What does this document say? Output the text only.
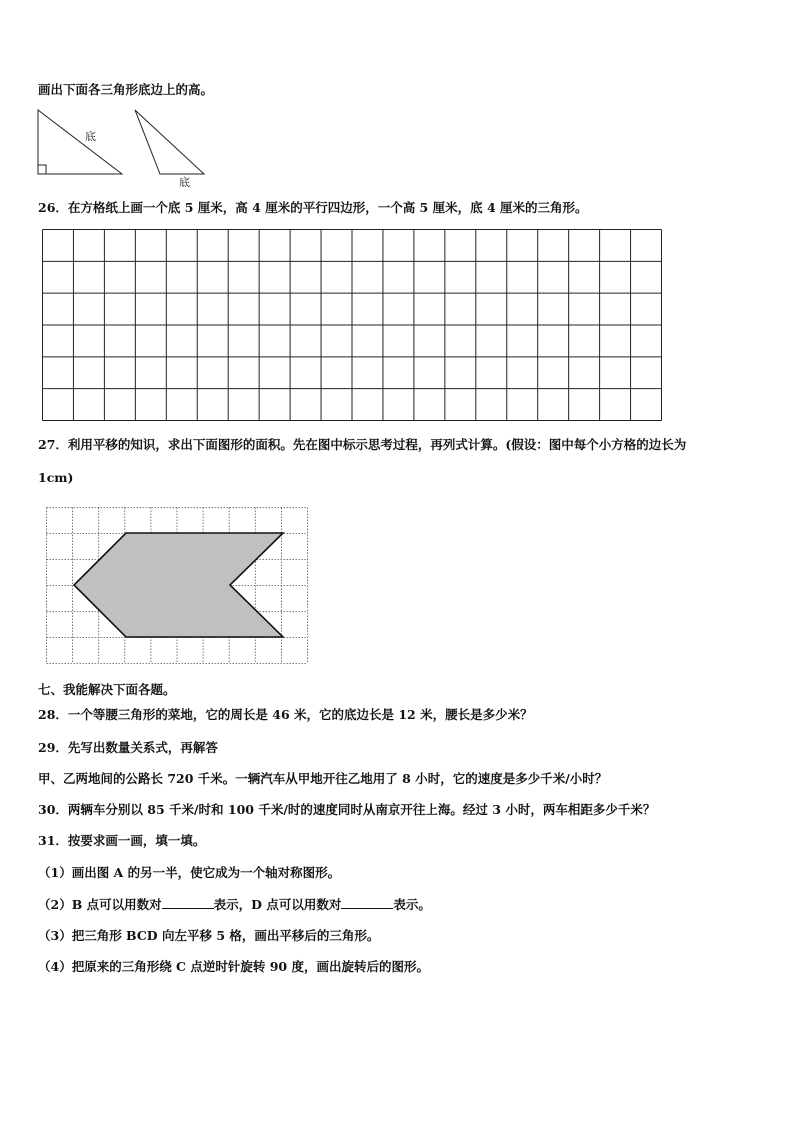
画出下面各三角形底边上的高。
底
底
26．在方格纸上画一个底 5 厘米，高 4 厘米的平行四边形，一个高 5 厘米，底 4 厘米的三角形。
27．利用平移的知识，求出下面图形的面积。先在图中标示思考过程，再列式计算。(假设：图中每个小方格的边长为
1cm)
七、我能解决下面各题。
28．一个等腰三角形的菜地，它的周长是 46 米，它的底边长是 12 米，腰长是多少米？
29．先写出数量关系式，再解答
甲、乙两地间的公路长 720 千米。一辆汽车从甲地开往乙地用了 8 小时，它的速度是多少千米/小时？
30．两辆车分别以 85 千米/时和 100 千米/时的速度同时从南京开往上海。经过 3 小时，两车相距多少千米？
31．按要求画一画，填一填。
（1）画出图 A 的另一半，使它成为一个轴对称图形。
（2）B 点可以用数对	表示，D 点可以用数对	表示。
（3）把三角形 BCD 向左平移 5 格，画出平移后的三角形。
（4）把原来的三角形绕 C 点逆时针旋转 90 度，画出旋转后的图形。
